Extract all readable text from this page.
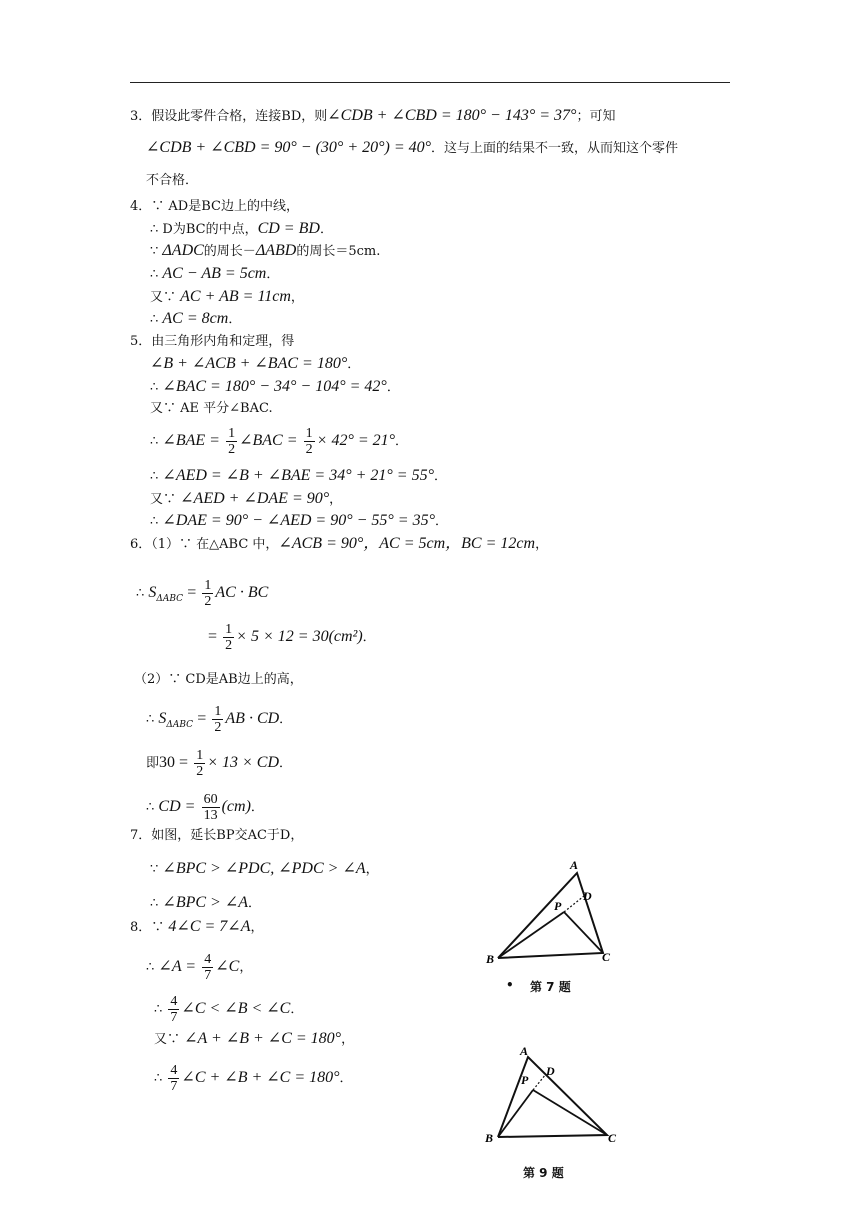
3．假设此零件合格，连接BD，则∠CDB + ∠CBD = 180° − 143° = 37°；可知
∠CDB + ∠CBD = 90° − (30° + 20°) = 40°．这与上面的结果不一致，从而知这个零件
不合格．
4．∵ AD是BC边上的中线，
∴ D为BC的中点，CD = BD．
∵ ΔADC的周长－ΔABD的周长＝5cm.
∴ AC − AB = 5cm．
又∵ AC + AB = 11cm，
∴ AC = 8cm．
5．由三角形内角和定理，得
∠B + ∠ACB + ∠BAC = 180°．
∴ ∠BAC = 180° − 34° − 104° = 42°．
又∵ AE 平分∠BAC.
∴ ∠BAE = $\frac{1}{2}$ ∠BAC = $\frac{1}{2} \times 42^\circ = 21^\circ$．
∴ ∠AED = ∠B + ∠BAE = 34° + 21° = 55°．
又∵ ∠AED + ∠DAE = 90°，
∴ ∠DAE = 90° − ∠AED = 90° − 55° = 35°．
6．（1）∵ 在△ABC 中，∠ACB = 90°，AC = 5cm，BC = 12cm，
∴ $S_{\Delta ABC} = \frac{1}{2}$ AC · BC
= $\frac{1}{2} \times 5 \times 12 = 30(cm^2)$．
（2）∵ CD是AB边上的高，
∴ $S_{\Delta ABC} = \frac{1}{2}$ AB · CD．
即$30 = \frac{1}{2} \times 13$ × CD．
∴ CD = $\frac{60}{13} (cm)$．
7．如图，延长BP交AC于D，
∵ ∠BPC > ∠PDC, ∠PDC > ∠A，
∴ ∠BPC > ∠A．
8．∵ 4∠C = 7∠A，
∴ ∠A = $\frac{4}{7}$ ∠C，
∴ $\frac{4}{7}$ ∠C < ∠B < ∠C．
又∵ ∠A + ∠B + ∠C = 180°，
∴ $\frac{4}{7}$ ∠C + ∠B + ∠C = 180°．
A
D
P
B	C
• 第 7 题
A
D
P
B	C
第 9 题
